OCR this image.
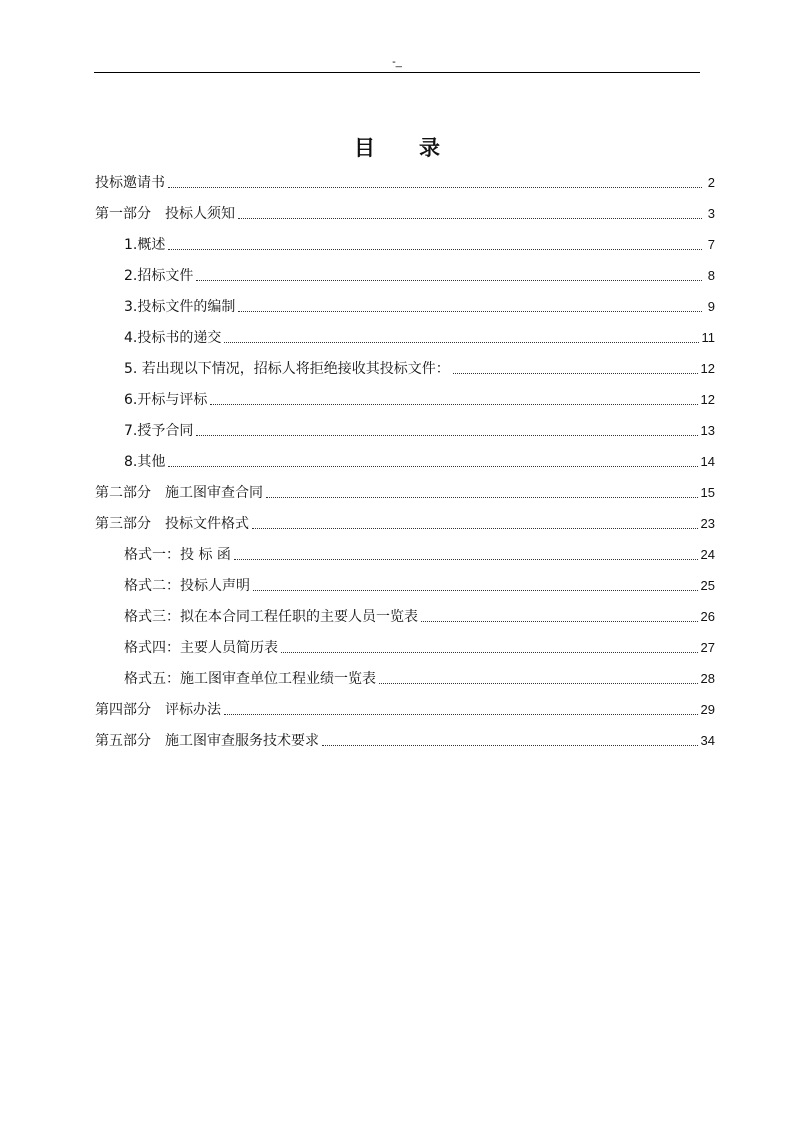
-_
目 录
投标邀请书	2
第一部分　投标人须知	3
1.概述	7
2.招标文件	8
3.投标文件的编制	9
4.投标书的递交	11
5. 若出现以下情况，招标人将拒绝接收其投标文件：	12
6.开标与评标	12
7.授予合同	13
8.其他	14
第二部分　施工图审查合同	15
第三部分　投标文件格式	23
格式一：投 标 函	24
格式二：投标人声明	25
格式三：拟在本合同工程任职的主要人员一览表	26
格式四：主要人员简历表	27
格式五：施工图审查单位工程业绩一览表	28
第四部分　评标办法	29
第五部分　施工图审查服务技术要求	34
